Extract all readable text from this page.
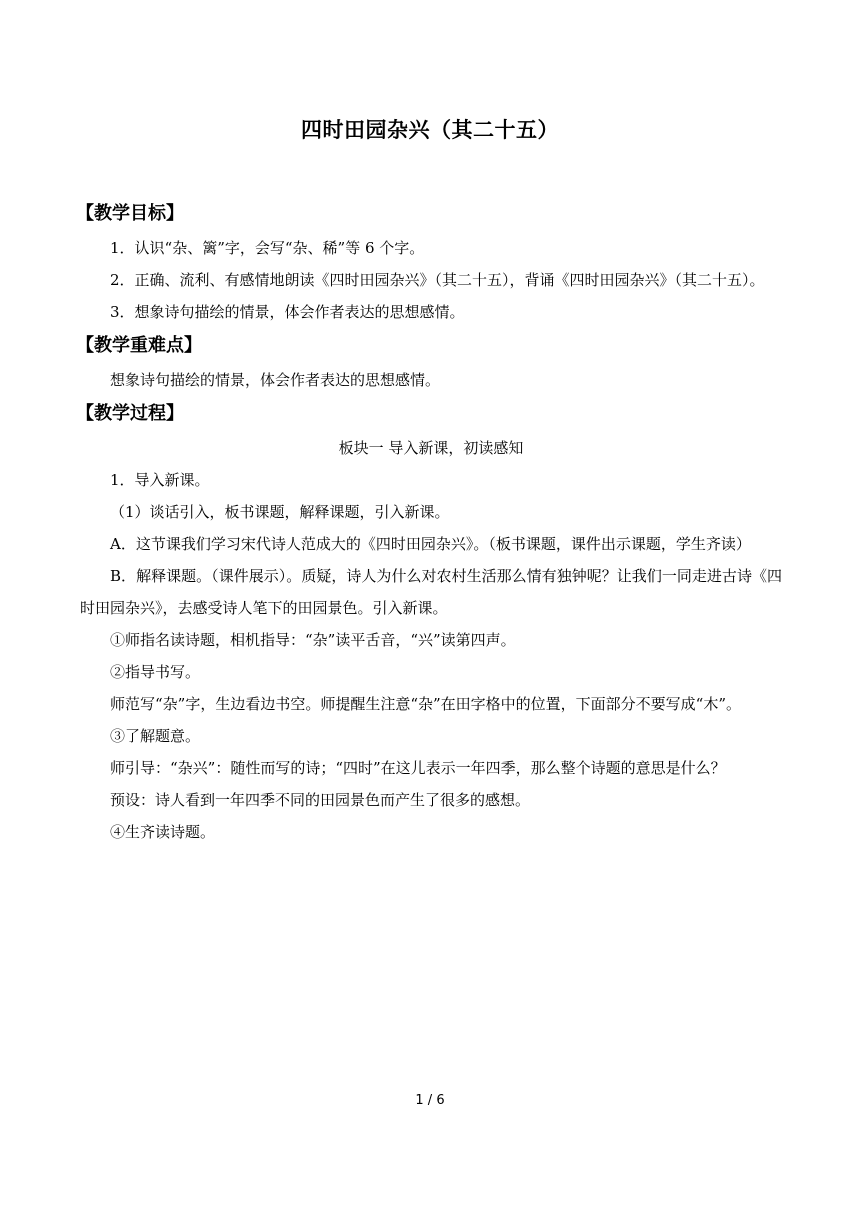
四时田园杂兴（其二十五）
【教学目标】
1．认识“杂、篱”字，会写“杂、稀”等 6 个字。
2．正确、流利、有感情地朗读《四时田园杂兴》（其二十五），背诵《四时田园杂兴》（其二十五）。
3．想象诗句描绘的情景，体会作者表达的思想感情。
【教学重难点】
想象诗句描绘的情景，体会作者表达的思想感情。
【教学过程】
板块一 导入新课，初读感知
1．导入新课。
（1）谈话引入，板书课题，解释课题，引入新课。
A．这节课我们学习宋代诗人范成大的《四时田园杂兴》。（板书课题，课件出示课题，学生齐读）
B．解释课题。（课件展示）。质疑，诗人为什么对农村生活那么情有独钟呢？让我们一同走进古诗《四时田园杂兴》，去感受诗人笔下的田园景色。引入新课。
①师指名读诗题，相机指导：“杂”读平舌音，“兴”读第四声。
②指导书写。
师范写“杂”字，生边看边书空。师提醒生注意“杂”在田字格中的位置，下面部分不要写成“木”。
③了解题意。
师引导：“杂兴”：随性而写的诗；“四时”在这儿表示一年四季，那么整个诗题的意思是什么？
预设：诗人看到一年四季不同的田园景色而产生了很多的感想。
④生齐读诗题。
1 / 6
